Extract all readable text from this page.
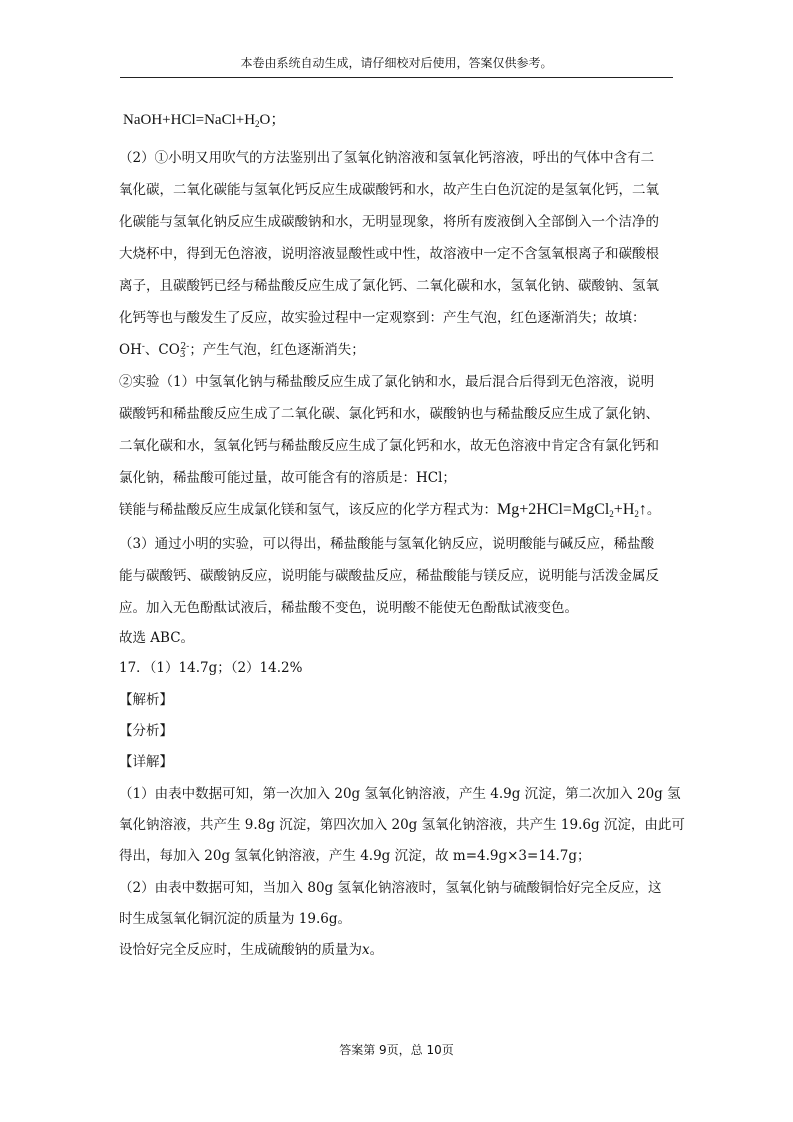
本卷由系统自动生成，请仔细校对后使用，答案仅供参考。
$NaOH+HCl=NaCl+H_2O$；
（2）①小明又用吹气的方法鉴别出了氢氧化钠溶液和氢氧化钙溶液，呼出的气体中含有二
氧化碳，二氧化碳能与氢氧化钙反应生成碳酸钙和水，故产生白色沉淀的是氢氧化钙，二氧
化碳能与氢氧化钠反应生成碳酸钠和水，无明显现象，将所有废液倒入全部倒入一个洁净的
大烧杯中，得到无色溶液，说明溶液显酸性或中性，故溶液中一定不含氢氧根离子和碳酸根
离子，且碳酸钙已经与稀盐酸反应生成了氯化钙、二氧化碳和水，氢氧化钠、碳酸钠、氢氧
化钙等也与酸发生了反应，故实验过程中一定观察到：产生气泡，红色逐渐消失；故填：
OH-、$CO_3^{2-}$；产生气泡，红色逐渐消失；
②实验（1）中氢氧化钠与稀盐酸反应生成了氯化钠和水，最后混合后得到无色溶液，说明
碳酸钙和稀盐酸反应生成了二氧化碳、氯化钙和水，碳酸钠也与稀盐酸反应生成了氯化钠、
二氧化碳和水，氢氧化钙与稀盐酸反应生成了氯化钙和水，故无色溶液中肯定含有氯化钙和
氯化钠，稀盐酸可能过量，故可能含有的溶质是：HCl；
镁能与稀盐酸反应生成氯化镁和氢气，该反应的化学方程式为：$Mg+2HCl=MgCl_2+H_2↑$。
（3）通过小明的实验，可以得出，稀盐酸能与氢氧化钠反应，说明酸能与碱反应，稀盐酸
能与碳酸钙、碳酸钠反应，说明能与碳酸盐反应，稀盐酸能与镁反应，说明能与活泼金属反
应。加入无色酚酞试液后，稀盐酸不变色，说明酸不能使无色酚酞试液变色。
故选 ABC。
17．（1）14.7g；（2）14.2%
【解析】
【分析】
【详解】
（1）由表中数据可知，第一次加入 20g 氢氧化钠溶液，产生 4.9g 沉淀，第二次加入 20g 氢
氧化钠溶液，共产生 9.8g 沉淀，第四次加入 20g 氢氧化钠溶液，共产生 19.6g 沉淀，由此可
得出，每加入 20g 氢氧化钠溶液，产生 4.9g 沉淀，故 m=4.9g×3=14.7g；
（2）由表中数据可知，当加入 80g 氢氧化钠溶液时，氢氧化钠与硫酸铜恰好完全反应，这
时生成氢氧化铜沉淀的质量为 19.6g。
设恰好完全反应时，生成硫酸钠的质量为x。
答案第 9页，总 10页
